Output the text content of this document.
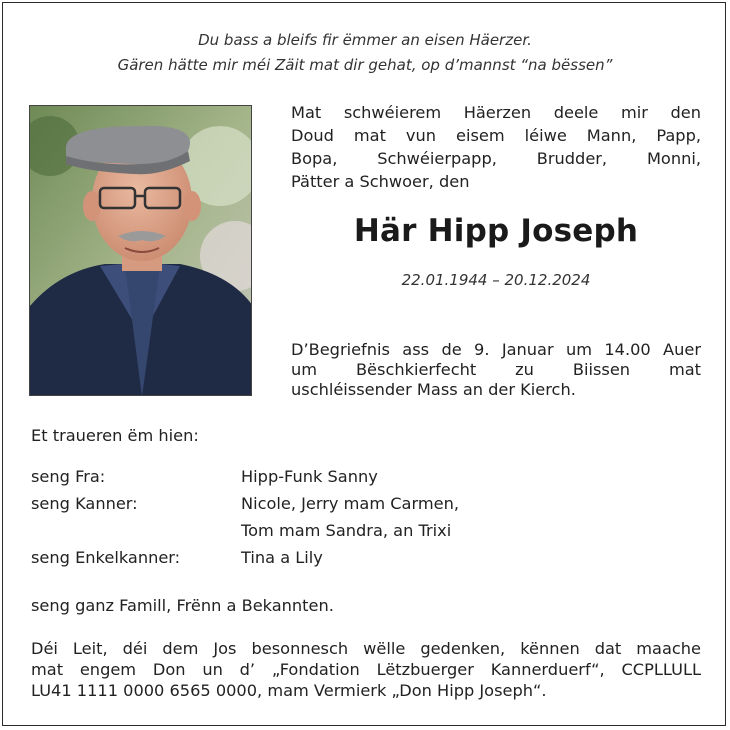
Du bass a bleifs fir ëmmer an eisen Häerzer.
Gären hätte mir méi Zäit mat dir gehat, op d’mannst “na bëssen”
Mat schwéierem Häerzen deele mir den
Doud mat vun eisem léiwe Mann, Papp,
Bopa, Schwéierpapp, Brudder, Monni,
Pätter a Schwoer, den
Här Hipp Joseph
22.01.1944 – 20.12.2024
D’Begriefnis ass de 9. Januar um 14.00 Auer
um Bëschkierfecht zu Biissen mat
uschléissender Mass an der Kierch.
Et traueren ëm hien:
seng Fra:	Hipp-Funk Sanny
seng Kanner:	Nicole, Jerry mam Carmen,
Tom mam Sandra, an Trixi
seng Enkelkanner:	Tina a Lily
seng ganz Famill, Frënn a Bekannten.
Déi Leit, déi dem Jos besonnesch wëlle gedenken, kënnen dat maache
mat engem Don un d’ „Fondation Lëtzbuerger Kannerduerf“, CCPLLULL
LU41 1111 0000 6565 0000, mam Vermierk „Don Hipp Joseph“.
